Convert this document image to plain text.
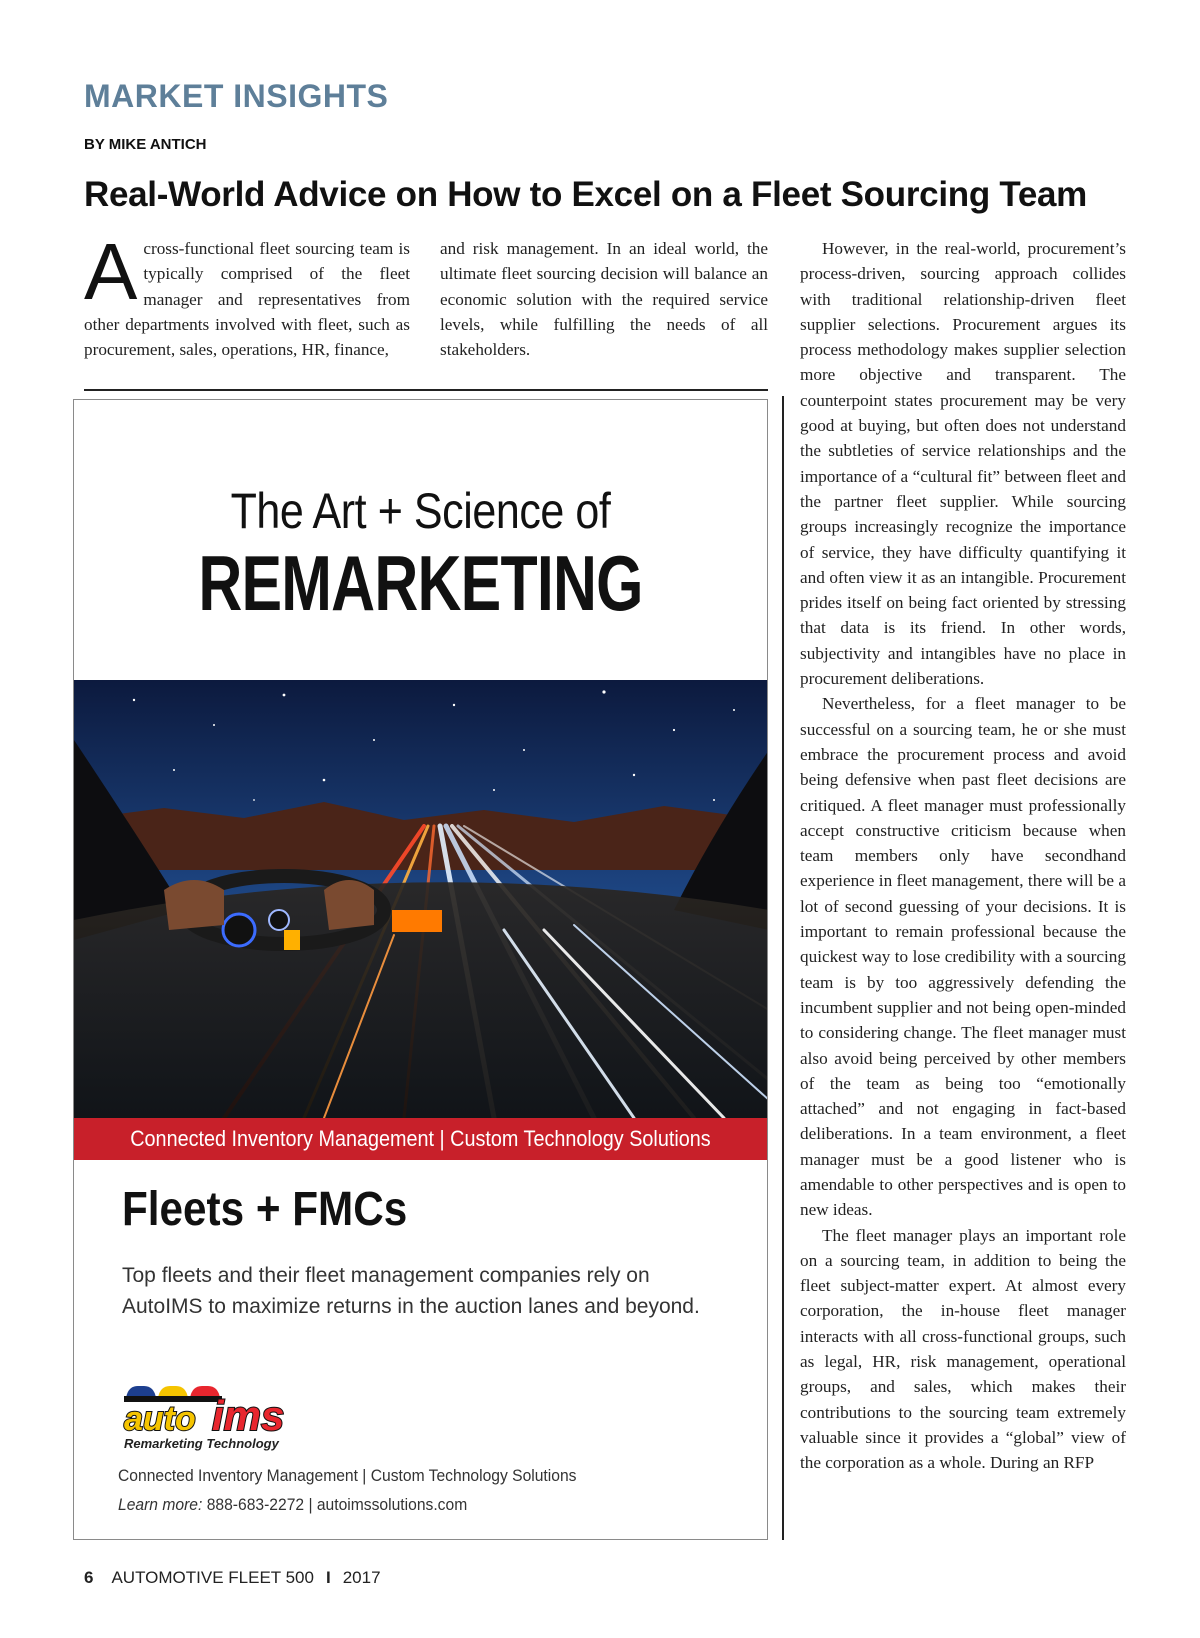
MARKET INSIGHTS
BY MIKE ANTICH
Real-World Advice on How to Excel on a Fleet Sourcing Team
Across-functional fleet sourcing team is typically comprised of the fleet manager and representatives from other departments involved with fleet, such as procurement, sales, operations, HR, finance,
and risk management. In an ideal world, the ultimate fleet sourcing decision will balance an economic solution with the required service levels, while fulfilling the needs of all stakeholders.

However, in the real-world, procurement’s process-driven, sourcing approach collides with traditional relationship-driven fleet supplier selections. Procurement argues its process methodology makes supplier selection more objective and transparent. The counterpoint states procurement may be very good at buying, but often does not understand the subtleties of service relationships and the importance of a “cultural fit” between fleet and the partner fleet supplier. While sourcing groups increasingly recognize the importance of service, they have difficulty quantifying it and often view it as an intangible. Procurement prides itself on being fact oriented by stressing that data is its friend. In other words, subjectivity and intangibles have no place in procurement deliberations.

Nevertheless, for a fleet manager to be successful on a sourcing team, he or she must embrace the procurement process and avoid being defensive when past fleet decisions are critiqued. A fleet manager must professionally accept constructive criticism because when team members only have secondhand experience in fleet management, there will be a lot of second guessing of your decisions. It is important to remain professional because the quickest way to lose credibility with a sourcing team is by too aggressively defending the incumbent supplier and not being open-minded to considering change. The fleet manager must also avoid being perceived by other members of the team as being too “emotionally attached” and not engaging in fact-based deliberations. In a team environment, a fleet manager must be a good listener who is amendable to other perspectives and is open to new ideas.

The fleet manager plays an important role on a sourcing team, in addition to being the fleet subject-matter expert. At almost every corporation, the in-house fleet manager interacts with all cross-functional groups, such as legal, HR, risk management, operational groups, and sales, which makes their contributions to the sourcing team extremely valuable since it provides a “global” view of the corporation as a whole. During an RFP

The Art + Science of
REMARKETING
Connected Inventory Management | Custom Technology Solutions
Fleets + FMCs
Top fleets and their fleet management companies rely on AutoIMS to maximize returns in the auction lanes and beyond.
auto ims
Remarketing Technology
Connected Inventory Management | Custom Technology Solutions
Learn more: 888-683-2272 | autoimssolutions.com
6 AUTOMOTIVE FLEET 500 I 2017
